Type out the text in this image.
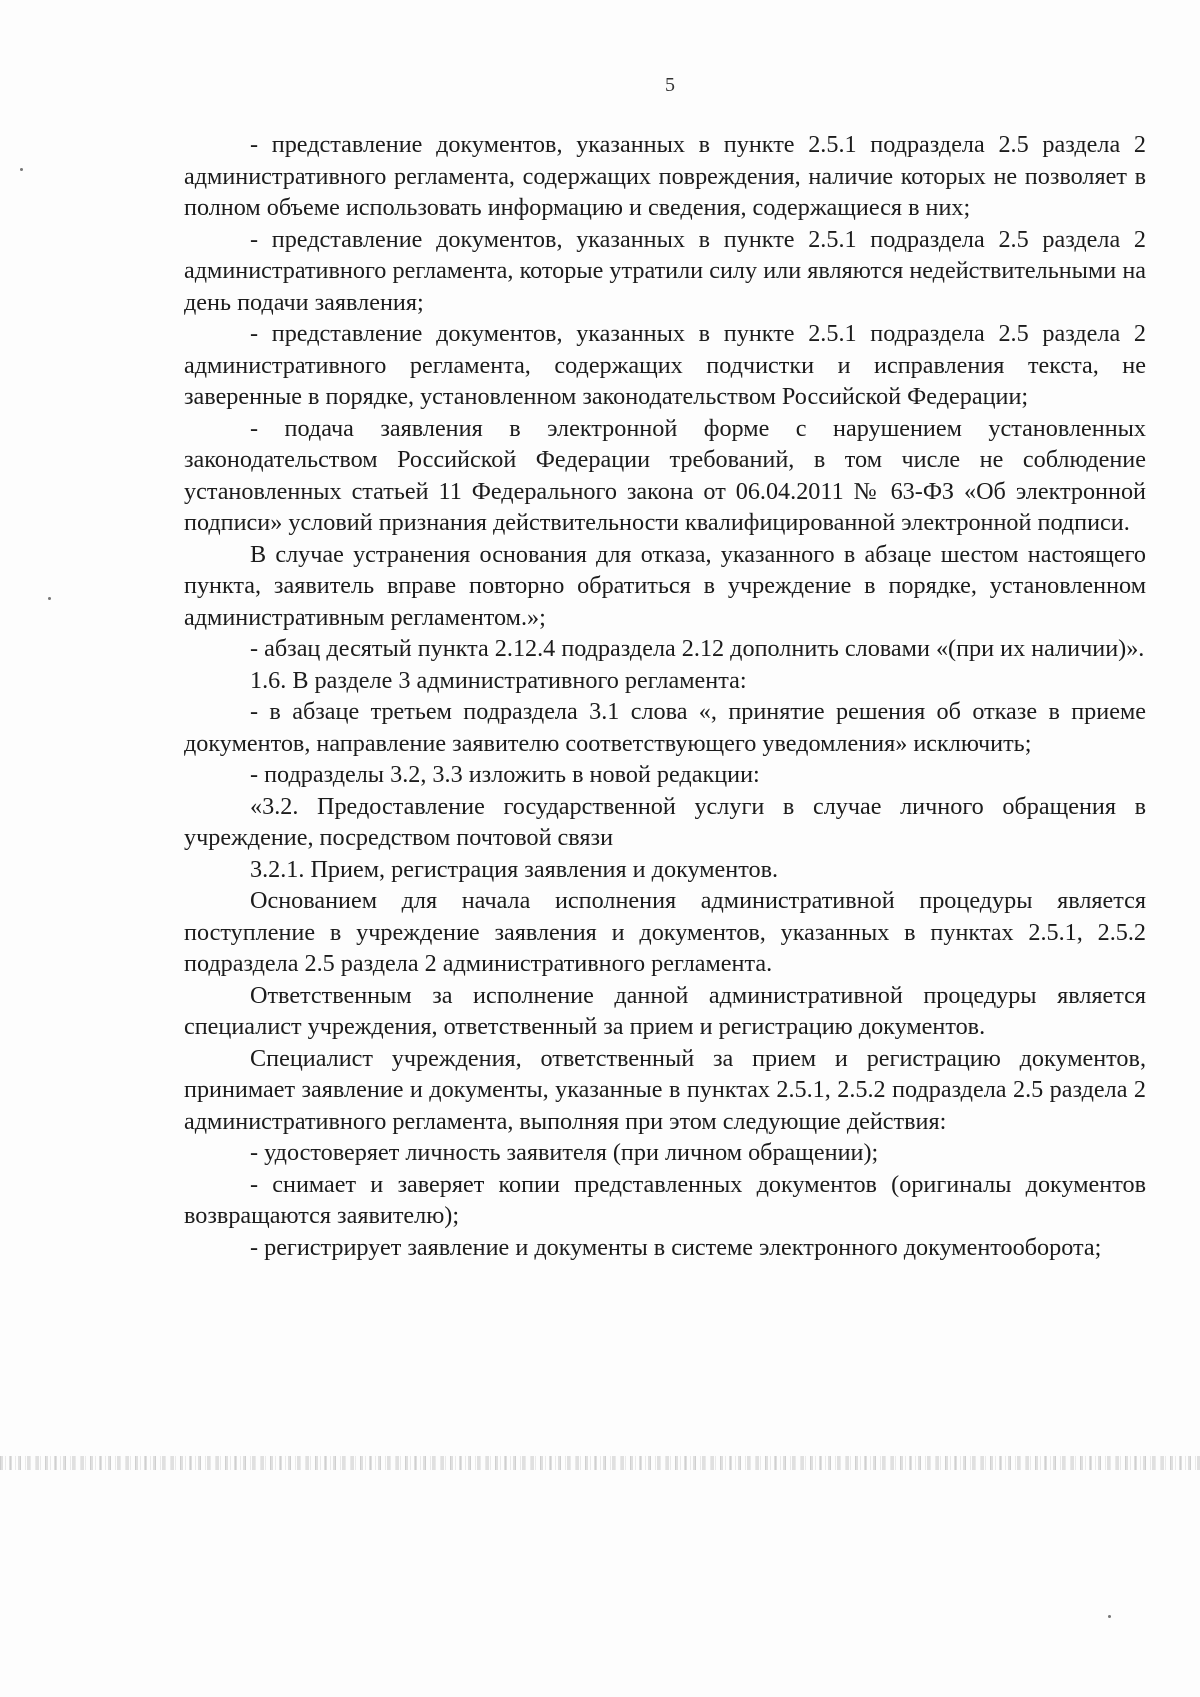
5

- представление документов, указанных в пункте 2.5.1 подраздела 2.5 раздела 2 административного регламента, содержащих повреждения, наличие которых не позволяет в полном объеме использовать информацию и сведения, содержащиеся в них;

- представление документов, указанных в пункте 2.5.1 подраздела 2.5 раздела 2 административного регламента, которые утратили силу или являются недействительными на день подачи заявления;

- представление документов, указанных в пункте 2.5.1 подраздела 2.5 раздела 2 административного регламента, содержащих подчистки и исправления текста, не заверенные в порядке, установленном законодательством Российской Федерации;

- подача заявления в электронной форме с нарушением установленных законодательством Российской Федерации требований, в том числе не соблюдение установленных статьей 11 Федерального закона от 06.04.2011 № 63-ФЗ «Об электронной подписи» условий признания действительности квалифицированной электронной подписи.

В случае устранения основания для отказа, указанного в абзаце шестом настоящего пункта, заявитель вправе повторно обратиться в учреждение в порядке, установленном административным регламентом.»;

- абзац десятый пункта 2.12.4 подраздела 2.12 дополнить словами «(при их наличии)».

1.6. В разделе 3 административного регламента:

- в абзаце третьем подраздела 3.1 слова «, принятие решения об отказе в приеме документов, направление заявителю соответствующего уведомления» исключить;

- подразделы 3.2, 3.3 изложить в новой редакции:

«3.2. Предоставление государственной услуги в случае личного обращения в учреждение, посредством почтовой связи

3.2.1. Прием, регистрация заявления и документов.

Основанием для начала исполнения административной процедуры является поступление в учреждение заявления и документов, указанных в пунктах 2.5.1, 2.5.2 подраздела 2.5 раздела 2 административного регламента.

Ответственным за исполнение данной административной процедуры является специалист учреждения, ответственный за прием и регистрацию документов.

Специалист учреждения, ответственный за прием и регистрацию документов, принимает заявление и документы, указанные в пунктах 2.5.1, 2.5.2 подраздела 2.5 раздела 2 административного регламента, выполняя при этом следующие действия:

- удостоверяет личность заявителя (при личном обращении);

- снимает и заверяет копии представленных документов (оригиналы документов возвращаются заявителю);

- регистрирует заявление и документы в системе электронного документооборота;
